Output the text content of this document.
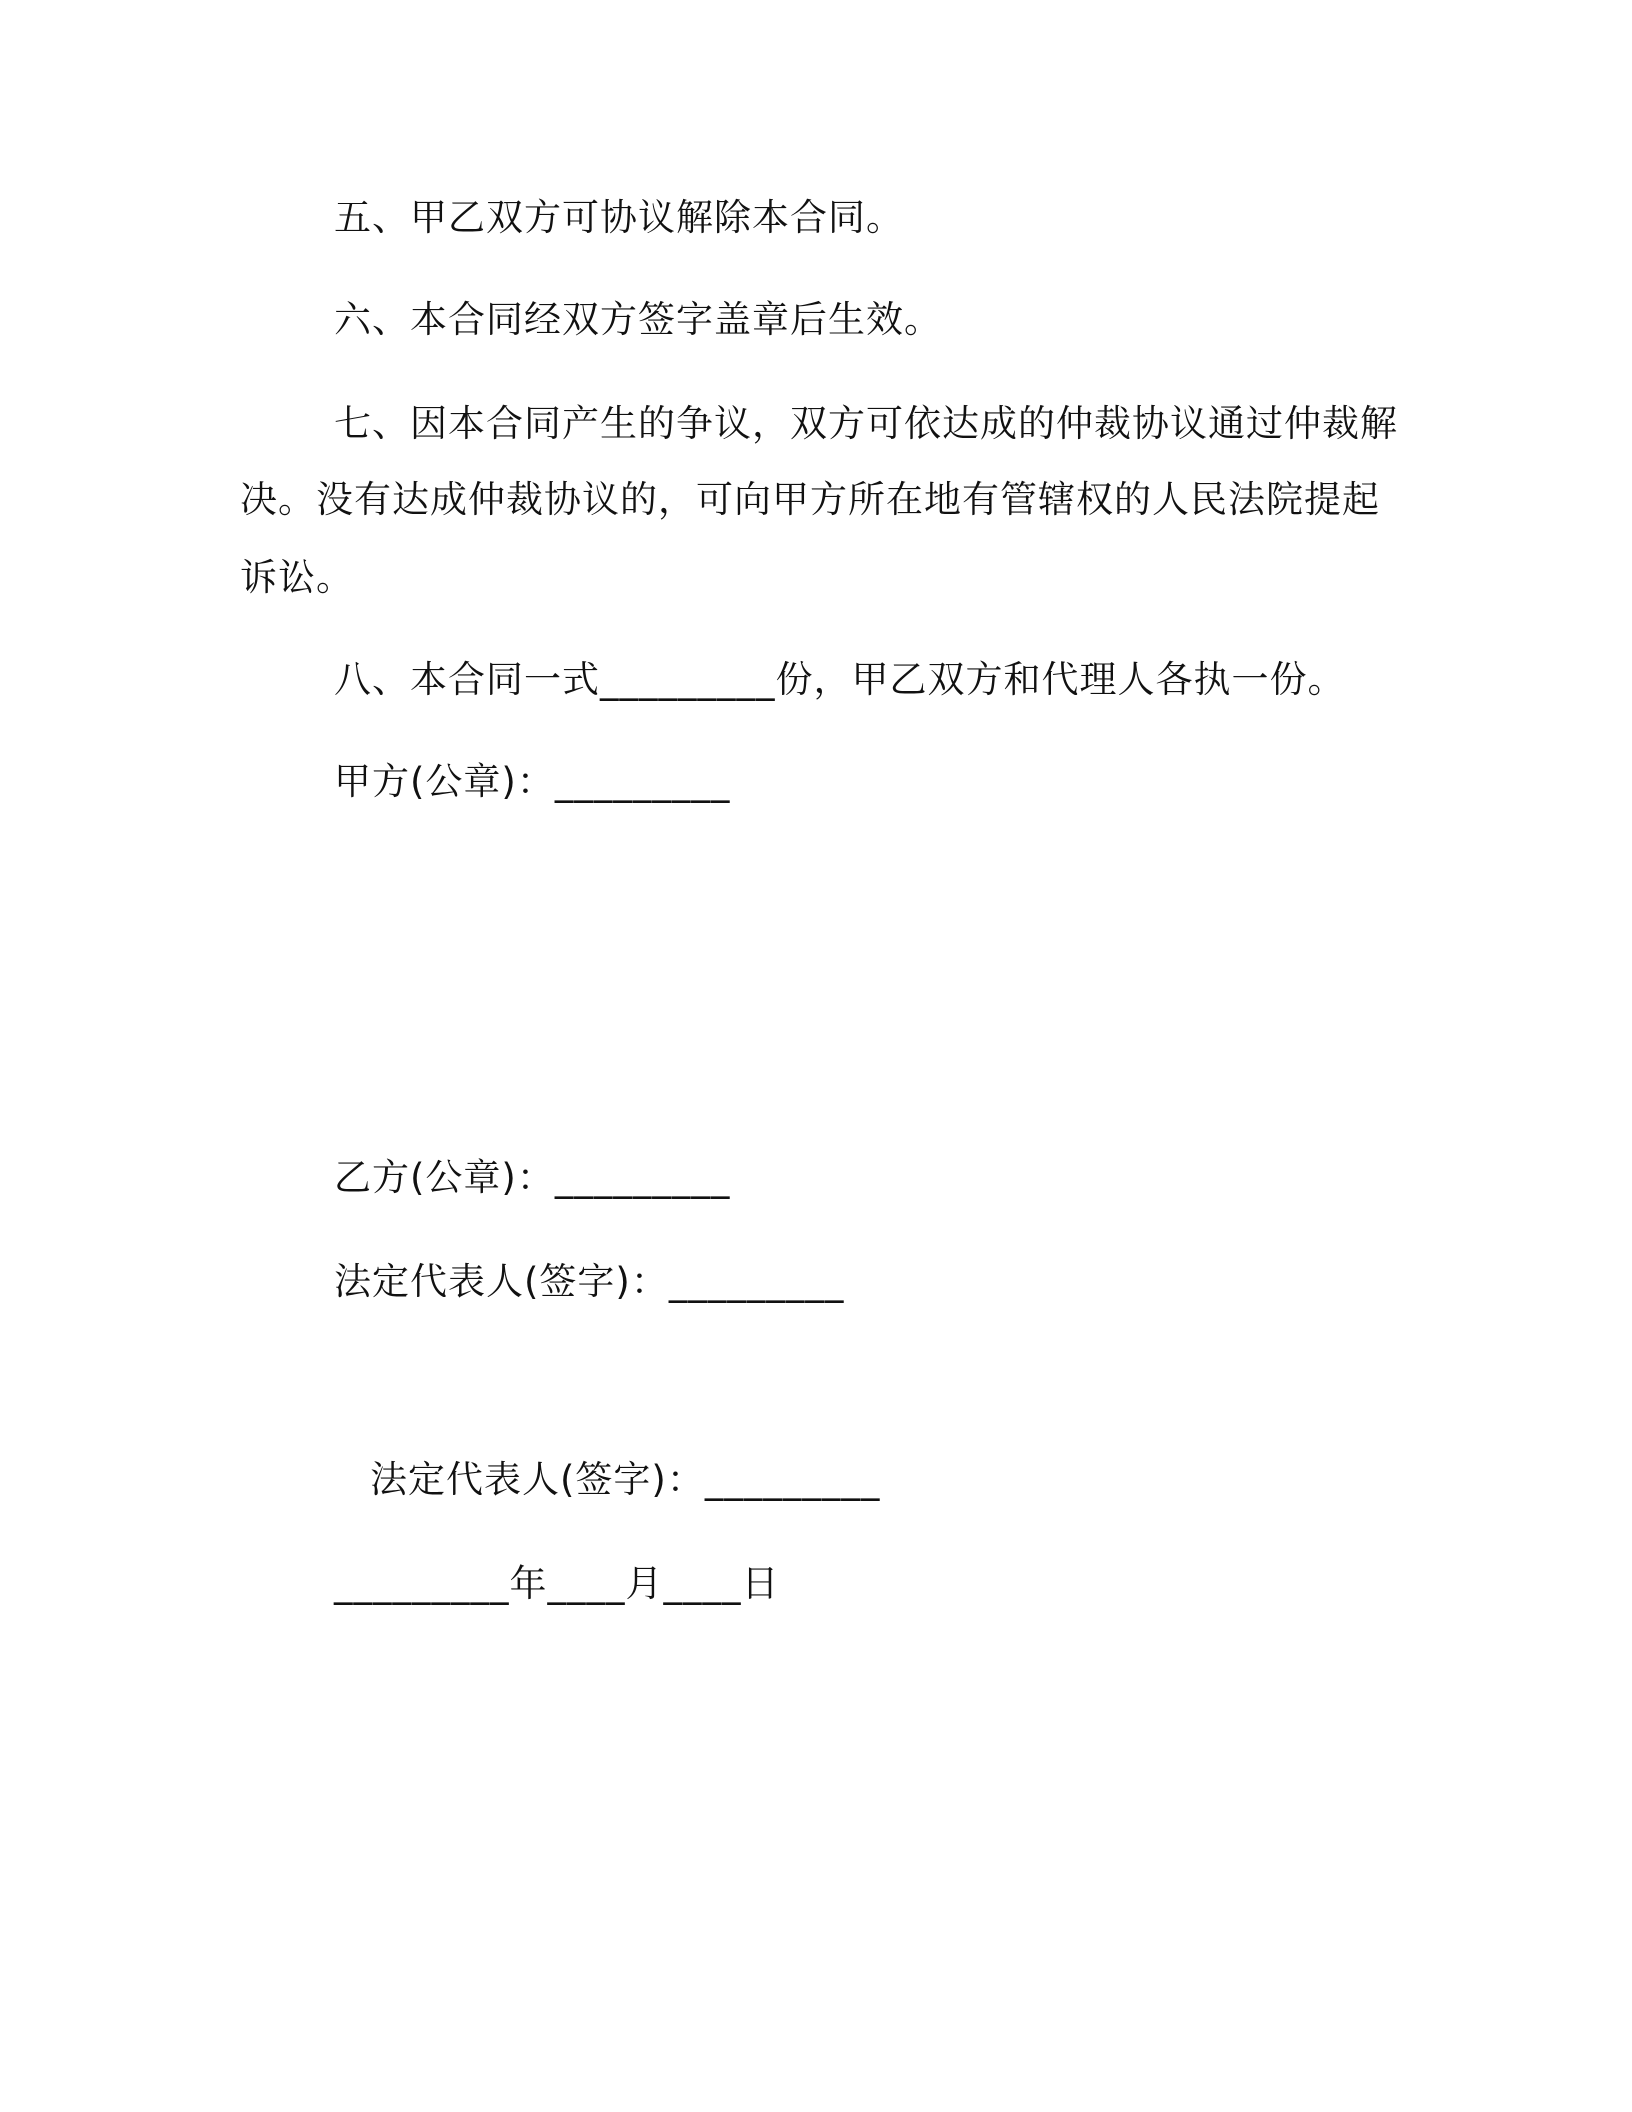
五、甲乙双方可协议解除本合同。
六、本合同经双方签字盖章后生效。
七、因本合同产生的争议，双方可依达成的仲裁协议通过仲裁解
决。没有达成仲裁协议的，可向甲方所在地有管辖权的人民法院提起
诉讼。
八、本合同一式_________份，甲乙双方和代理人各执一份。
甲方(公章)：_________
乙方(公章)：_________
法定代表人(签字)：_________
法定代表人(签字)：_________
_________年____月____日
